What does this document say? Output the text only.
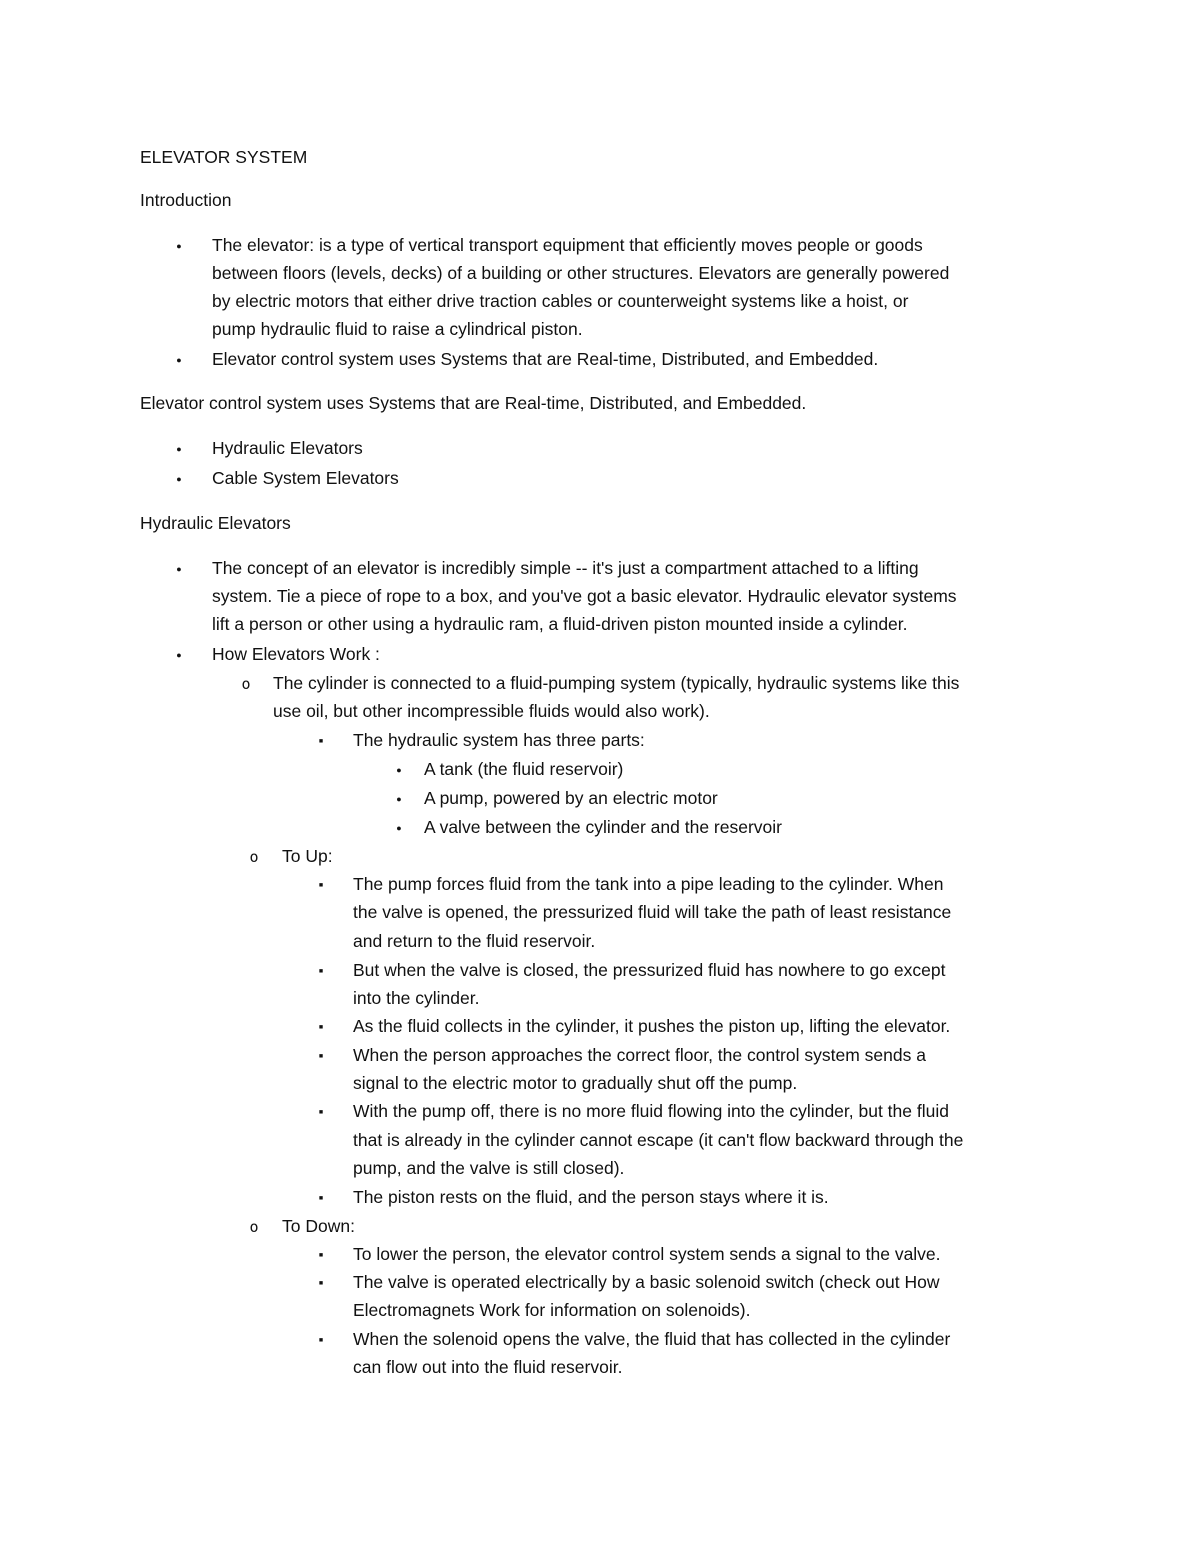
ELEVATOR SYSTEM
Introduction
●
The elevator: is a type of vertical transport equipment that efficiently moves people or goods
between floors (levels, decks) of a building or other structures. Elevators are generally powered
by electric motors that either drive traction cables or counterweight systems like a hoist, or
pump hydraulic fluid to raise a cylindrical piston.
●
Elevator control system uses Systems that are Real-time, Distributed, and Embedded.
Elevator control system uses Systems that are Real-time, Distributed, and Embedded.
●
Hydraulic Elevators
●
Cable System Elevators
Hydraulic Elevators
●
The concept of an elevator is incredibly simple -- it's just a compartment attached to a lifting
system. Tie a piece of rope to a box, and you've got a basic elevator. Hydraulic elevator systems
lift a person or other using a hydraulic ram, a fluid-driven piston mounted inside a cylinder.
●
How Elevators Work :
o
The cylinder is connected to a fluid-pumping system (typically, hydraulic systems like this
use oil, but other incompressible fluids would also work).
■
The hydraulic system has three parts:
●
A tank (the fluid reservoir)
●
A pump, powered by an electric motor
●
A valve between the cylinder and the reservoir
o
To Up:
■
The pump forces fluid from the tank into a pipe leading to the cylinder. When
the valve is opened, the pressurized fluid will take the path of least resistance
and return to the fluid reservoir.
■
But when the valve is closed, the pressurized fluid has nowhere to go except
into the cylinder.
■
As the fluid collects in the cylinder, it pushes the piston up, lifting the elevator.
■
When the person approaches the correct floor, the control system sends a
signal to the electric motor to gradually shut off the pump.
■
With the pump off, there is no more fluid flowing into the cylinder, but the fluid
that is already in the cylinder cannot escape (it can't flow backward through the
pump, and the valve is still closed).
■
The piston rests on the fluid, and the person stays where it is.
o
To Down:
■
To lower the person, the elevator control system sends a signal to the valve.
■
The valve is operated electrically by a basic solenoid switch (check out How
Electromagnets Work for information on solenoids).
■
When the solenoid opens the valve, the fluid that has collected in the cylinder
can flow out into the fluid reservoir.
